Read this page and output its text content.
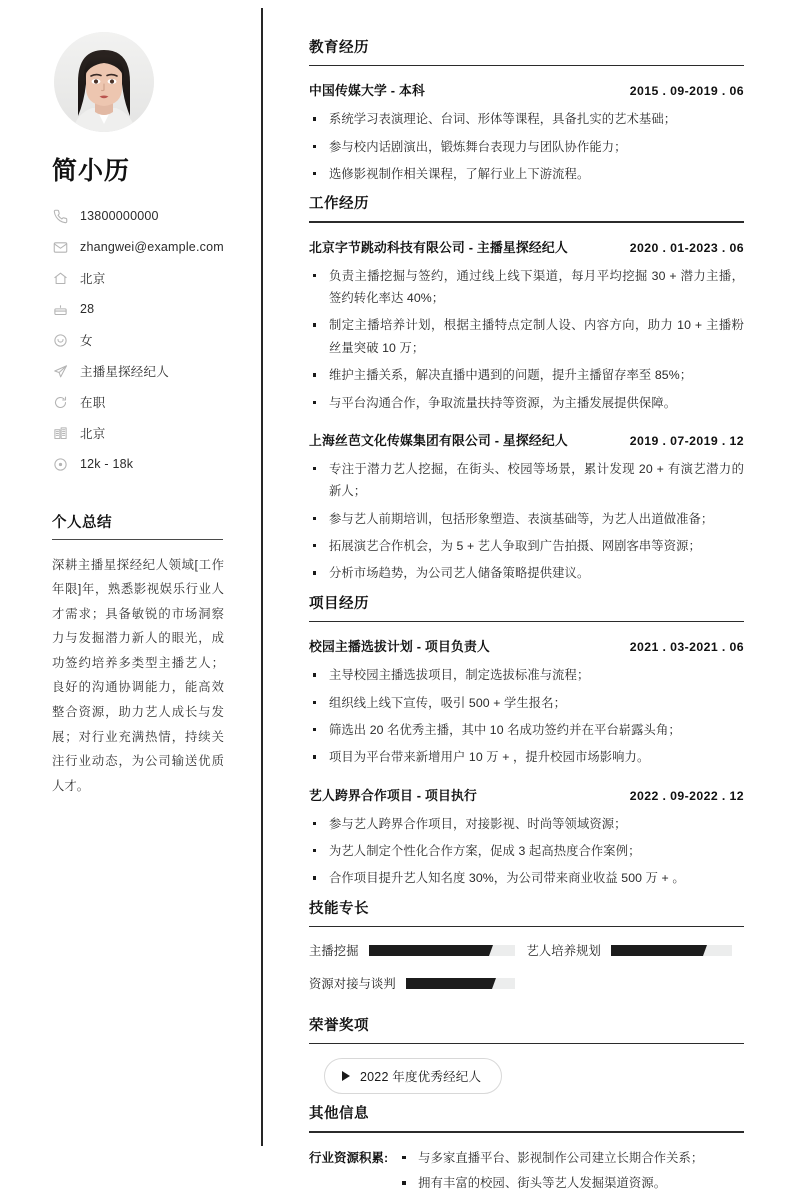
简小历
13800000000
zhangwei@example.com
北京
28
女
主播星探经纪人
在职
北京
12k - 18k
个人总结
深耕主播星探经纪人领域[工作年限]年，熟悉影视娱乐行业人才需求；具备敏锐的市场洞察力与发掘潜力新人的眼光，成功签约培养多类型主播艺人；良好的沟通协调能力，能高效整合资源，助力艺人成长与发展；对行业充满热情，持续关注行业动态，为公司输送优质人才。
教育经历
中国传媒大学 - 本科	2015 . 09-2019 . 06
系统学习表演理论、台词、形体等课程，具备扎实的艺术基础；
参与校内话剧演出，锻炼舞台表现力与团队协作能力；
选修影视制作相关课程，了解行业上下游流程。
工作经历
北京字节跳动科技有限公司 - 主播星探经纪人	2020 . 01-2023 . 06
负责主播挖掘与签约，通过线上线下渠道，每月平均挖掘 30 + 潜力主播，签约转化率达 40%；
制定主播培养计划，根据主播特点定制人设、内容方向，助力 10 + 主播粉丝量突破 10 万；
维护主播关系，解决直播中遇到的问题，提升主播留存率至 85%；
与平台沟通合作，争取流量扶持等资源，为主播发展提供保障。
上海丝芭文化传媒集团有限公司 - 星探经纪人	2019 . 07-2019 . 12
专注于潜力艺人挖掘，在街头、校园等场景，累计发现 20 + 有演艺潜力的新人；
参与艺人前期培训，包括形象塑造、表演基础等，为艺人出道做准备；
拓展演艺合作机会，为 5 + 艺人争取到广告拍摄、网剧客串等资源；
分析市场趋势，为公司艺人储备策略提供建议。
项目经历
校园主播选拔计划 - 项目负责人	2021 . 03-2021 . 06
主导校园主播选拔项目，制定选拔标准与流程；
组织线上线下宣传，吸引 500 + 学生报名；
筛选出 20 名优秀主播，其中 10 名成功签约并在平台崭露头角；
项目为平台带来新增用户 10 万 + ，提升校园市场影响力。
艺人跨界合作项目 - 项目执行	2022 . 09-2022 . 12
参与艺人跨界合作项目，对接影视、时尚等领域资源；
为艺人制定个性化合作方案，促成 3 起高热度合作案例；
合作项目提升艺人知名度 30%，为公司带来商业收益 500 万 + 。
技能专长
主播挖掘	艺人培养规划
资源对接与谈判
荣誉奖项
2022 年度优秀经纪人
其他信息
行业资源积累:	与多家直播平台、影视制作公司建立长期合作关系；
拥有丰富的校园、街头等艺人发掘渠道资源。
